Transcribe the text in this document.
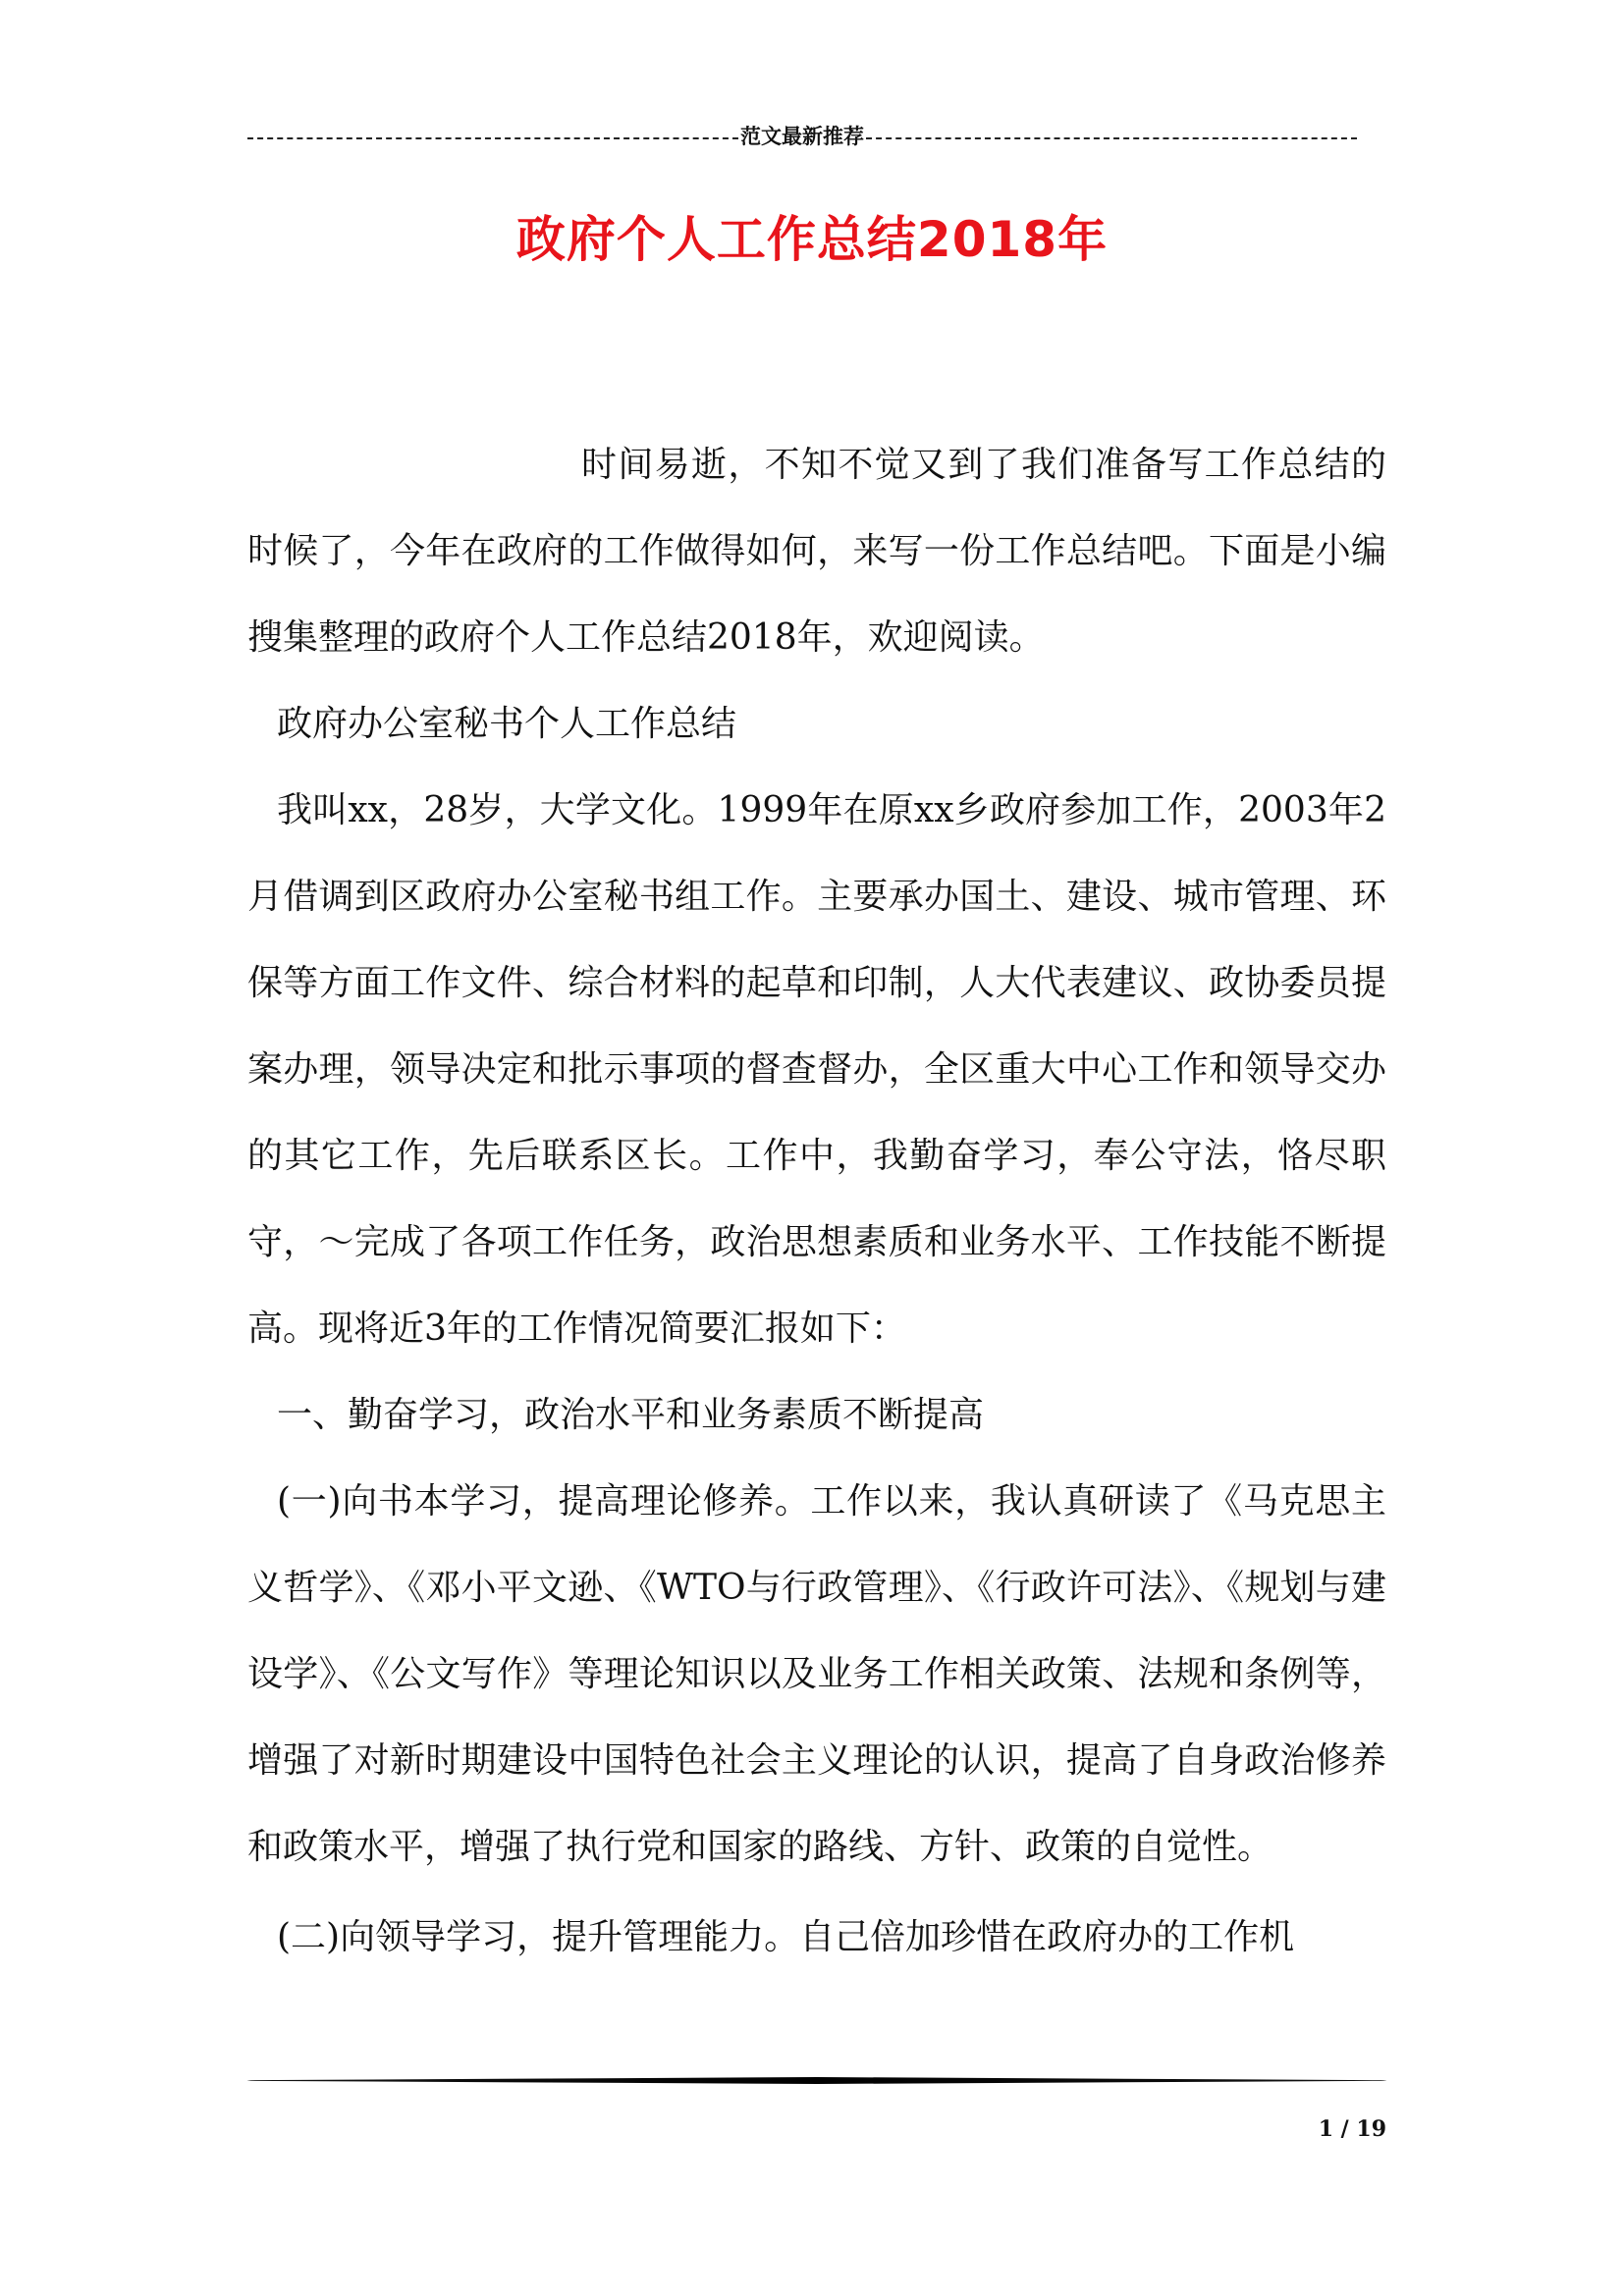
范文最新推荐
政府个人工作总结2018年

时间易逝，不知不觉又到了我们准备写工作总结的时候了，今年在政府的工作做得如何，来写一份工作总结吧。下面是小编搜集整理的政府个人工作总结2018年，欢迎阅读。

政府办公室秘书个人工作总结

我叫xx，28岁，大学文化。1999年在原xx乡政府参加工作，2003年2月借调到区政府办公室秘书组工作。主要承办国土、建设、城市管理、环保等方面工作文件、综合材料的起草和印制，人大代表建议、政协委员提案办理，领导决定和批示事项的督查督办，全区重大中心工作和领导交办的其它工作，先后联系区长。工作中，我勤奋学习，奉公守法，恪尽职守，～完成了各项工作任务，政治思想素质和业务水平、工作技能不断提高。现将近3年的工作情况简要汇报如下：

一、勤奋学习，政治水平和业务素质不断提高

(一)向书本学习，提高理论修养。工作以来，我认真研读了《马克思主义哲学》、《邓小平文逊、《WTO与行政管理》、《行政许可法》、《规划与建设学》、《公文写作》等理论知识以及业务工作相关政策、法规和条例等，增强了对新时期建设中国特色社会主义理论的认识，提高了自身政治修养和政策水平，增强了执行党和国家的路线、方针、政策的自觉性。

(二)向领导学习，提升管理能力。自己倍加珍惜在政府办的工作机

1 / 19
